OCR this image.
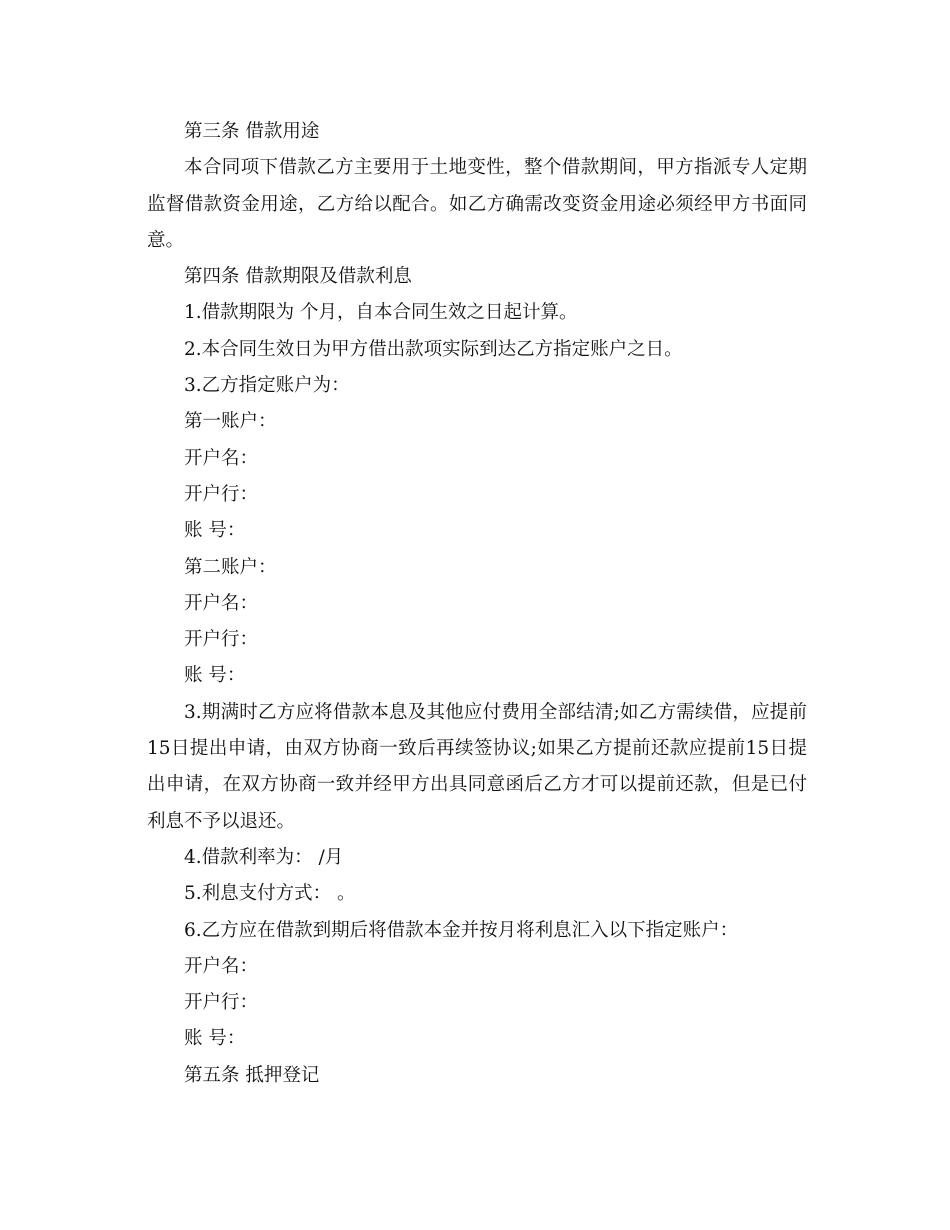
第三条 借款用途

本合同项下借款乙方主要用于土地变性，整个借款期间，甲方指派专人定期监督借款资金用途，乙方给以配合。如乙方确需改变资金用途必须经甲方书面同意。

第四条 借款期限及借款利息

1.借款期限为 个月，自本合同生效之日起计算。

2.本合同生效日为甲方借出款项实际到达乙方指定账户之日。

3.乙方指定账户为：

第一账户：

开户名：

开户行：

账 号：

第二账户：

开户名：

开户行：

账 号：

3.期满时乙方应将借款本息及其他应付费用全部结清;如乙方需续借，应提前15日提出申请，由双方协商一致后再续签协议;如果乙方提前还款应提前15日提出申请，在双方协商一致并经甲方出具同意函后乙方才可以提前还款，但是已付利息不予以退还。

4.借款利率为： /月

5.利息支付方式： 。

6.乙方应在借款到期后将借款本金并按月将利息汇入以下指定账户：

开户名：

开户行：

账 号：

第五条 抵押登记
